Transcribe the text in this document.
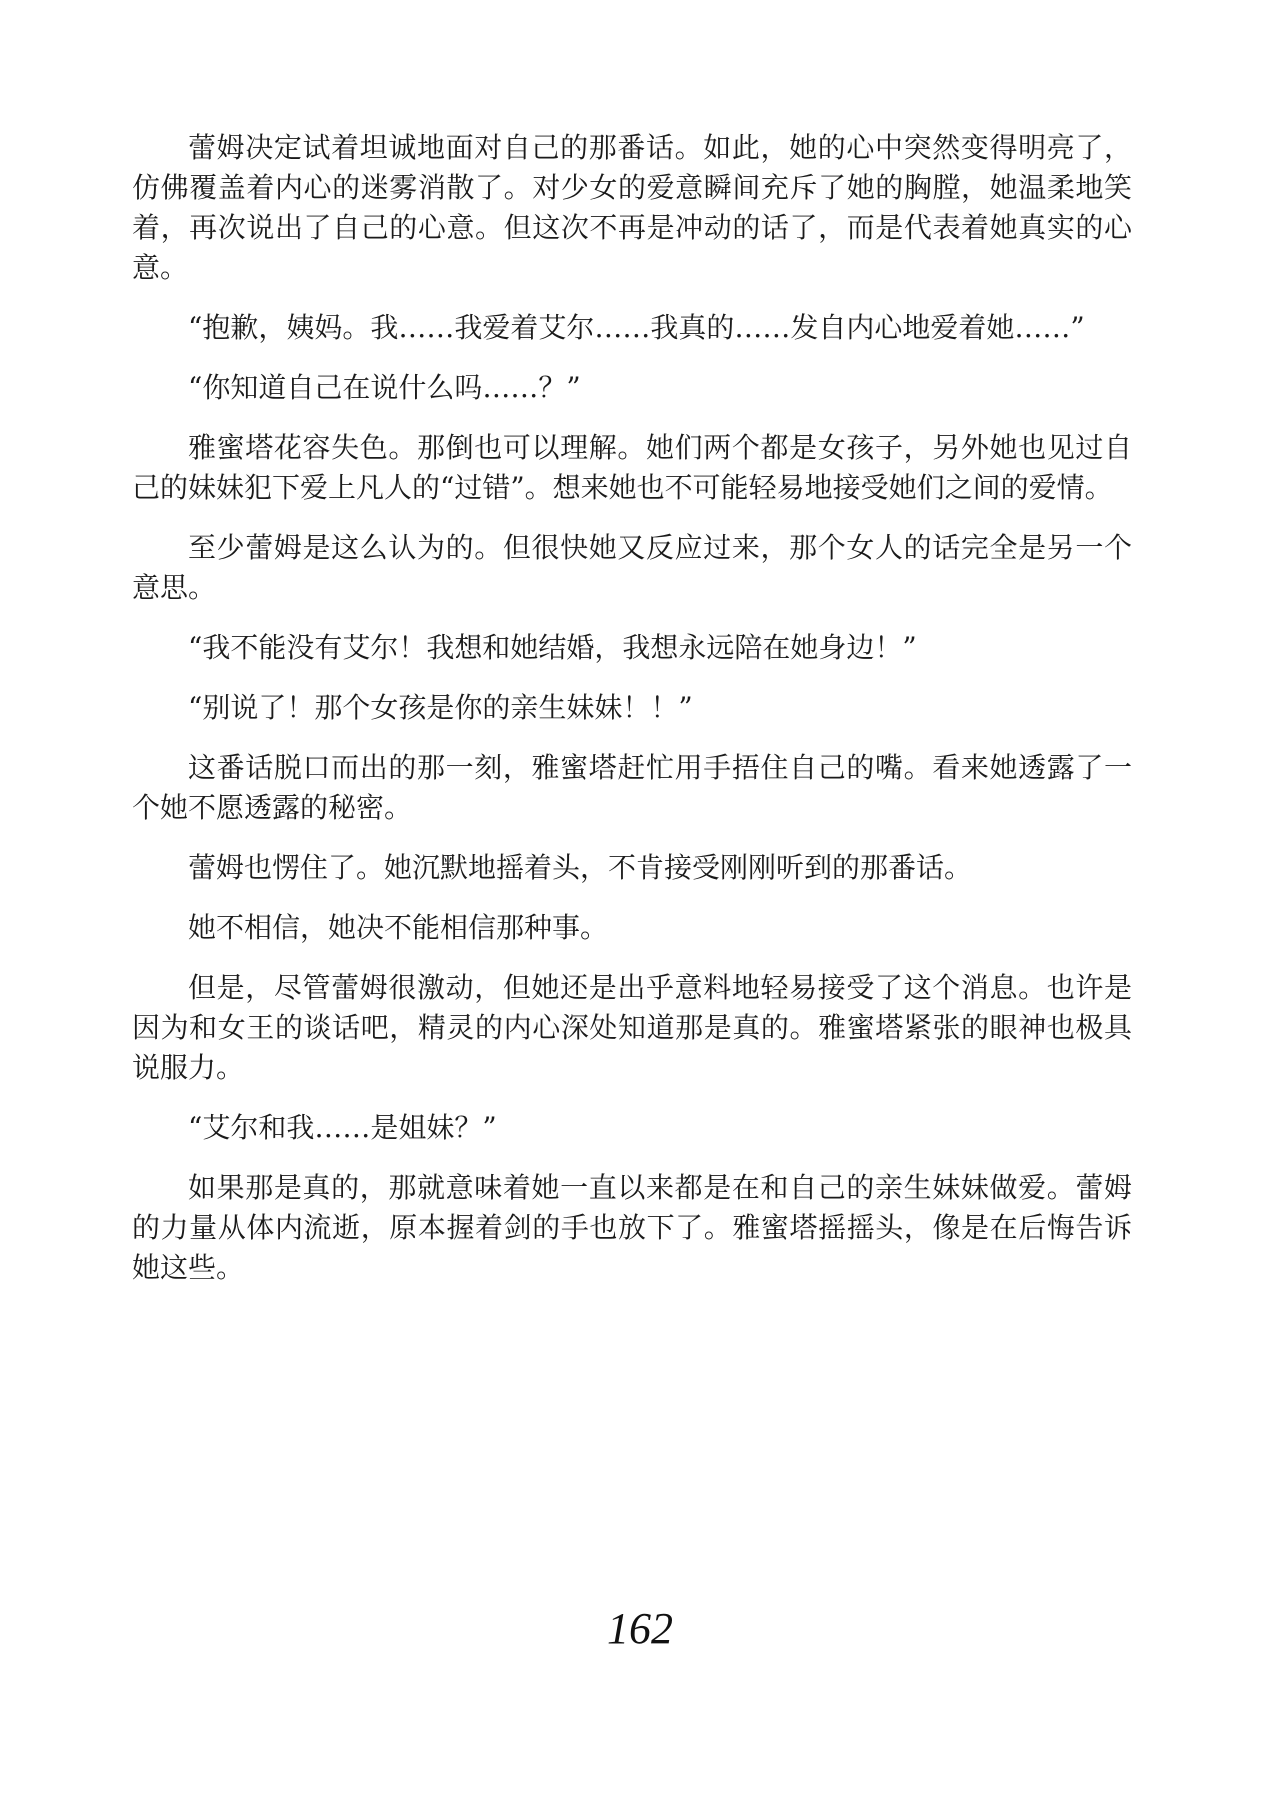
蕾姆决定试着坦诚地面对自己的那番话。如此，她的心中突然变得明亮了，仿佛覆盖着内心的迷雾消散了。对少女的爱意瞬间充斥了她的胸膛，她温柔地笑着，再次说出了自己的心意。但这次不再是冲动的话了，而是代表着她真实的心意。

“抱歉，姨妈。我……我爱着艾尔……我真的……发自内心地爱着她……”

“你知道自己在说什么吗……？”

雅蜜塔花容失色。那倒也可以理解。她们两个都是女孩子，另外她也见过自己的妹妹犯下爱上凡人的“过错”。想来她也不可能轻易地接受她们之间的爱情。

至少蕾姆是这么认为的。但很快她又反应过来，那个女人的话完全是另一个意思。

“我不能没有艾尔！我想和她结婚，我想永远陪在她身边！”

“别说了！那个女孩是你的亲生妹妹！！”

这番话脱口而出的那一刻，雅蜜塔赶忙用手捂住自己的嘴。看来她透露了一个她不愿透露的秘密。

蕾姆也愣住了。她沉默地摇着头，不肯接受刚刚听到的那番话。

她不相信，她决不能相信那种事。

但是，尽管蕾姆很激动，但她还是出乎意料地轻易接受了这个消息。也许是因为和女王的谈话吧，精灵的内心深处知道那是真的。雅蜜塔紧张的眼神也极具说服力。

“艾尔和我……是姐妹？”

如果那是真的，那就意味着她一直以来都是在和自己的亲生妹妹做爱。蕾姆的力量从体内流逝，原本握着剑的手也放下了。雅蜜塔摇摇头，像是在后悔告诉她这些。

162
